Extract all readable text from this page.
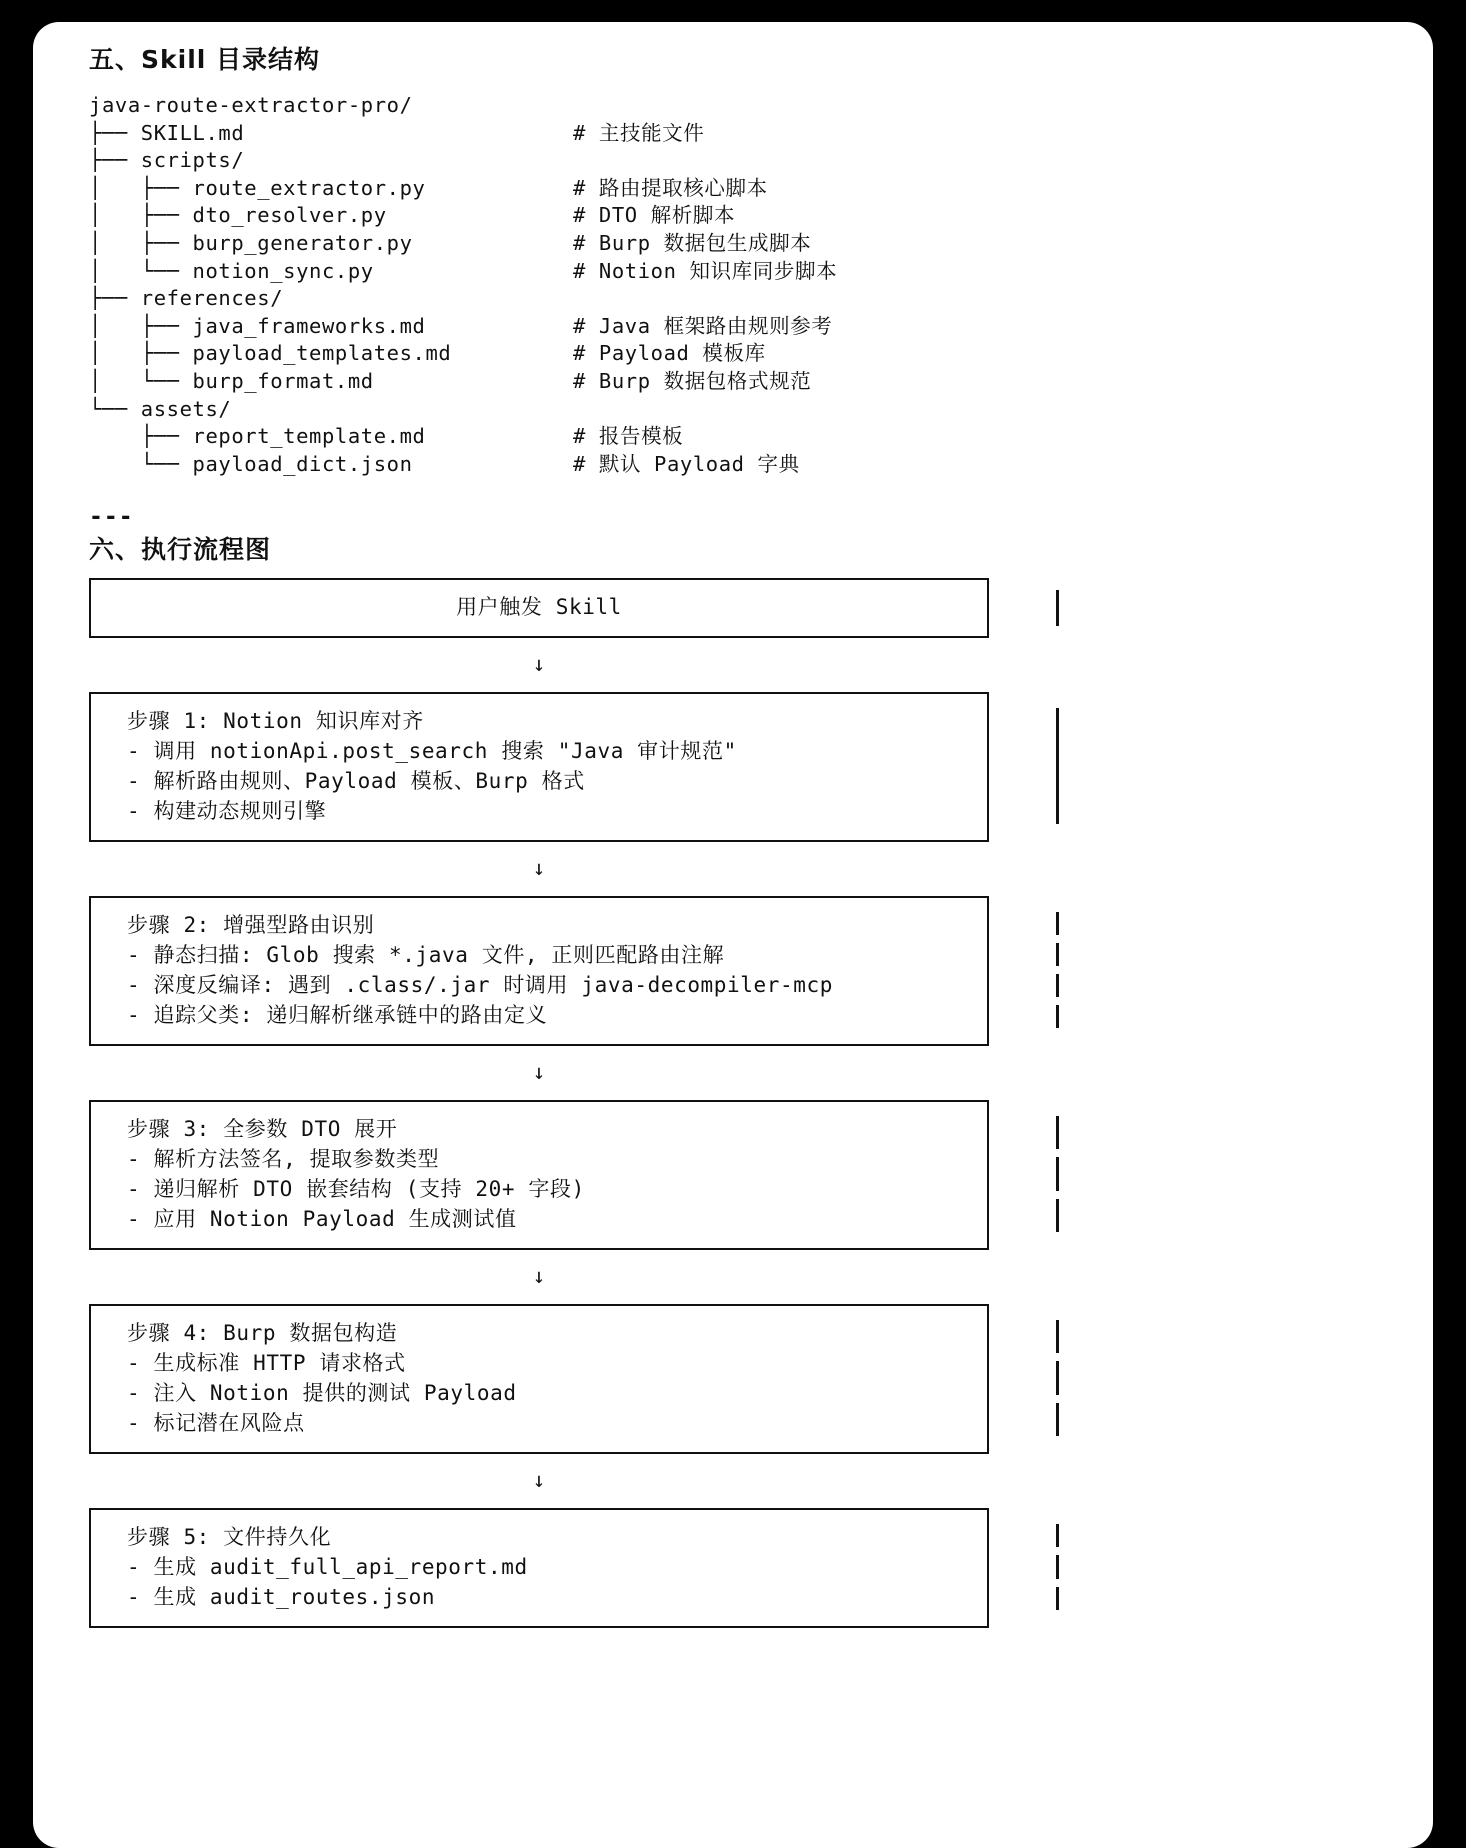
五、Skill 目录结构
java-route-extractor-pro/
├── SKILL.md	# 主技能文件
├── scripts/
│   ├── route_extractor.py	# 路由提取核心脚本
│   ├── dto_resolver.py	# DTO 解析脚本
│   ├── burp_generator.py	# Burp 数据包生成脚本
│   └── notion_sync.py	# Notion 知识库同步脚本
├── references/
│   ├── java_frameworks.md	# Java 框架路由规则参考
│   ├── payload_templates.md	# Payload 模板库
│   └── burp_format.md	# Burp 数据包格式规范
└── assets/
├── report_template.md	# 报告模板
└── payload_dict.json	# 默认 Payload 字典
---
六、执行流程图
用户触发 Skill
↓
步骤 1: Notion 知识库对齐
- 调用 notionApi.post_search 搜索 "Java 审计规范"
- 解析路由规则、Payload 模板、Burp 格式
- 构建动态规则引擎
↓
步骤 2: 增强型路由识别
- 静态扫描: Glob 搜索 *.java 文件, 正则匹配路由注解
- 深度反编译: 遇到 .class/.jar 时调用 java-decompiler-mcp
- 追踪父类: 递归解析继承链中的路由定义
↓
步骤 3: 全参数 DTO 展开
- 解析方法签名, 提取参数类型
- 递归解析 DTO 嵌套结构 (支持 20+ 字段)
- 应用 Notion Payload 生成测试值
↓
步骤 4: Burp 数据包构造
- 生成标准 HTTP 请求格式
- 注入 Notion 提供的测试 Payload
- 标记潜在风险点
↓
步骤 5: 文件持久化
- 生成 audit_full_api_report.md
- 生成 audit_routes.json
